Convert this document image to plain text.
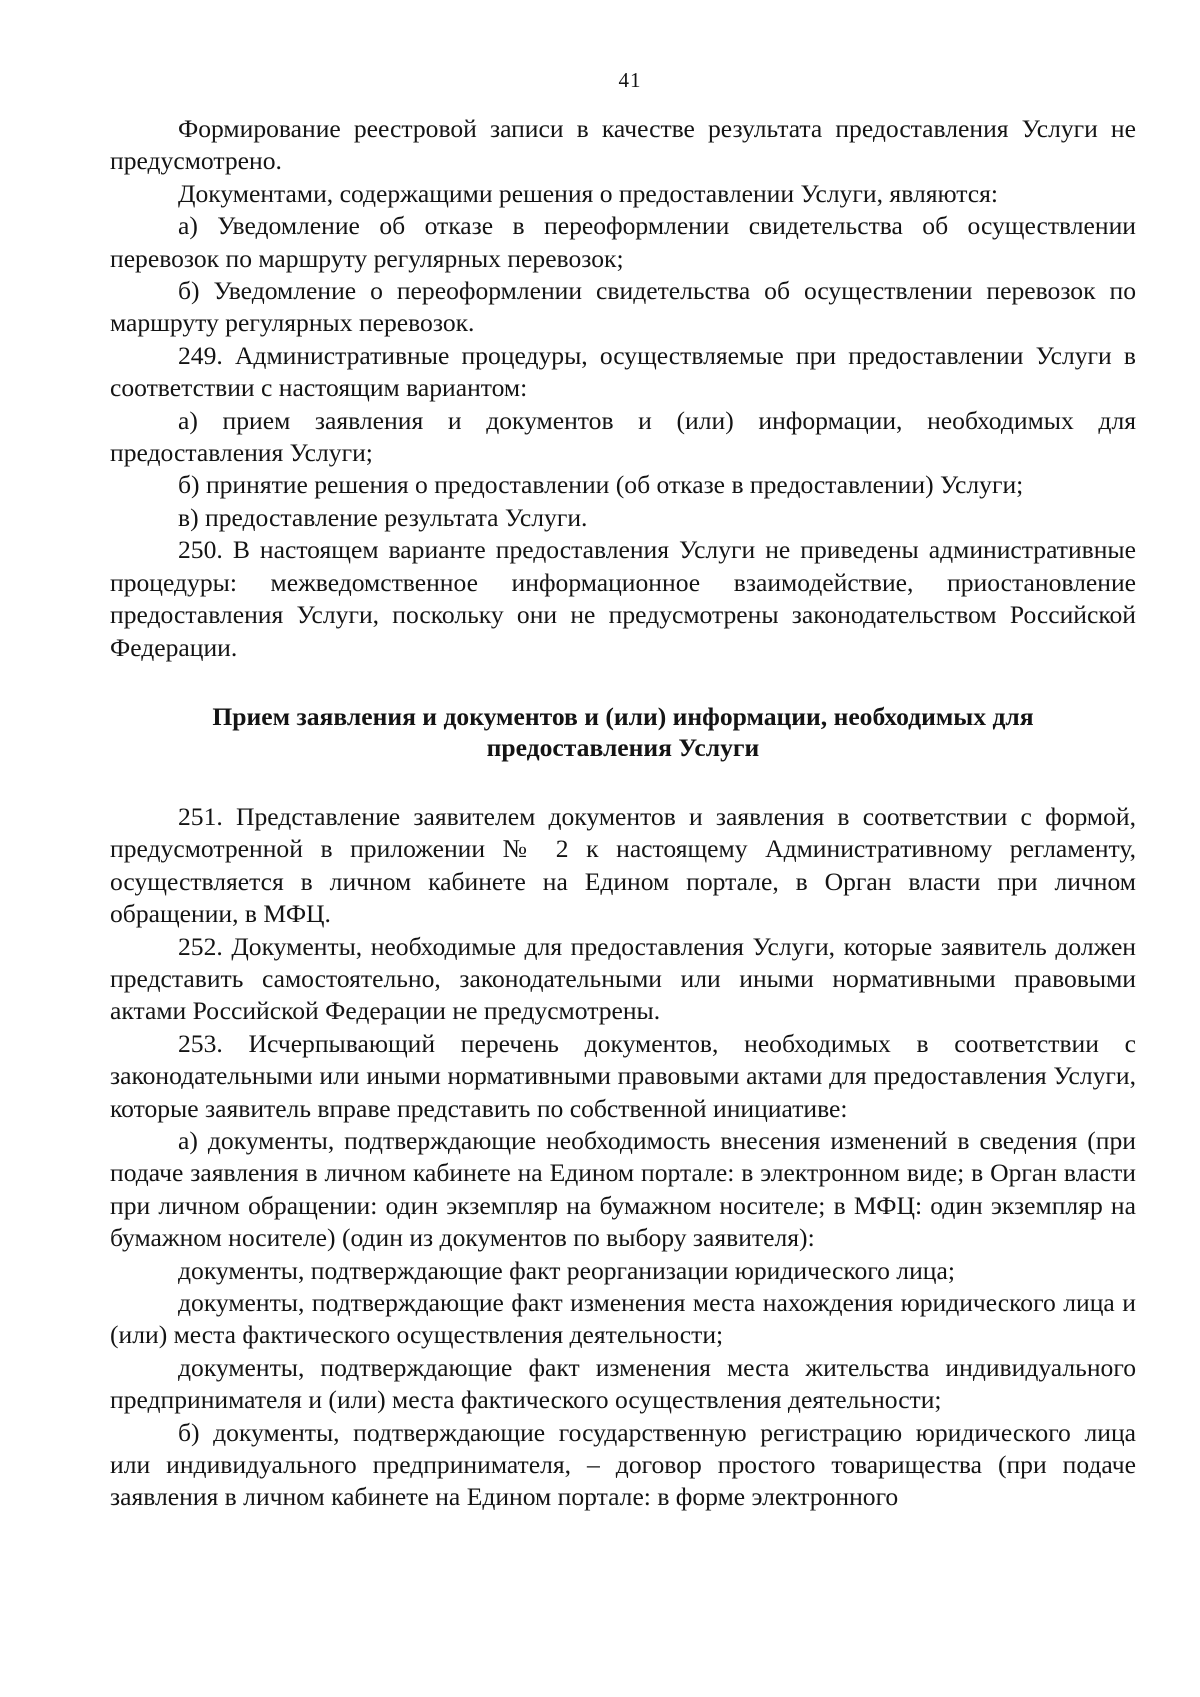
41

Формирование реестровой записи в качестве результата предоставления Услуги не предусмотрено.

Документами, содержащими решения о предоставлении Услуги, являются:

а) Уведомление об отказе в переоформлении свидетельства об осуществлении перевозок по маршруту регулярных перевозок;

б) Уведомление о переоформлении свидетельства об осуществлении перевозок по маршруту регулярных перевозок.

249. Административные процедуры, осуществляемые при предоставлении Услуги в соответствии с настоящим вариантом:

а) прием заявления и документов и (или) информации, необходимых для предоставления Услуги;

б) принятие решения о предоставлении (об отказе в предоставлении) Услуги;

в) предоставление результата Услуги.

250. В настоящем варианте предоставления Услуги не приведены административные процедуры: межведомственное информационное взаимодействие, приостановление предоставления Услуги, поскольку они не предусмотрены законодательством Российской Федерации.

Прием заявления и документов и (или) информации, необходимых для
предоставления Услуги

251. Представление заявителем документов и заявления в соответствии с формой, предусмотренной в приложении № 2 к настоящему Административному регламенту, осуществляется в личном кабинете на Едином портале, в Орган власти при личном обращении, в МФЦ.

252. Документы, необходимые для предоставления Услуги, которые заявитель должен представить самостоятельно, законодательными или иными нормативными правовыми актами Российской Федерации не предусмотрены.

253. Исчерпывающий перечень документов, необходимых в соответствии с законодательными или иными нормативными правовыми актами для предоставления Услуги, которые заявитель вправе представить по собственной инициативе:

а) документы, подтверждающие необходимость внесения изменений в сведения (при подаче заявления в личном кабинете на Едином портале: в электронном виде; в Орган власти при личном обращении: один экземпляр на бумажном носителе; в МФЦ: один экземпляр на бумажном носителе) (один из документов по выбору заявителя):

документы, подтверждающие факт реорганизации юридического лица;

документы, подтверждающие факт изменения места нахождения юридического лица и (или) места фактического осуществления деятельности;

документы, подтверждающие факт изменения места жительства индивидуального предпринимателя и (или) места фактического осуществления деятельности;

б) документы, подтверждающие государственную регистрацию юридического лица или индивидуального предпринимателя, – договор простого товарищества (при подаче заявления в личном кабинете на Едином портале: в форме электронного
